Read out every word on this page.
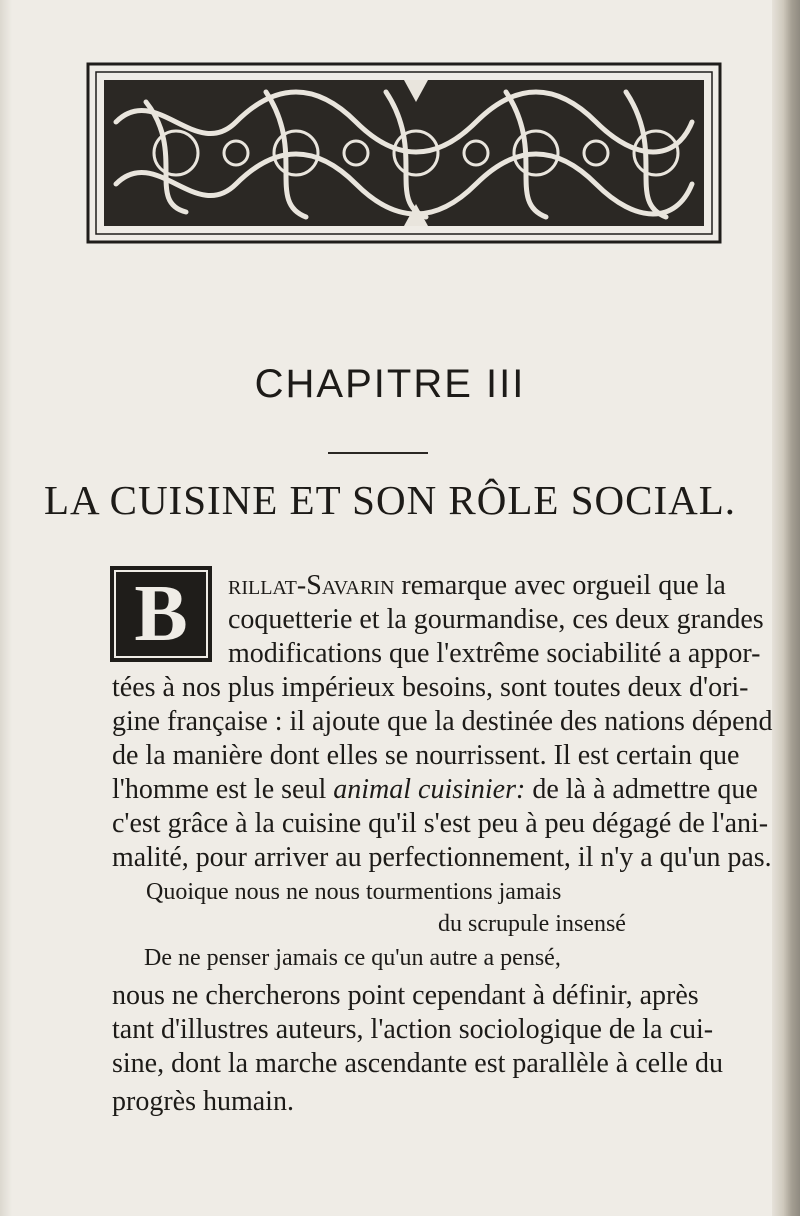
CHAPITRE III
LA CUISINE ET SON RÔLE SOCIAL.
B	rillat-Savarin remarque avec orgueil que la
coquetterie et la gourmandise, ces deux grandes
modifications que l'extrême sociabilité a appor-
tées à nos plus impérieux besoins, sont toutes deux d'ori-
gine française : il ajoute que la destinée des nations dépend
de la manière dont elles se nourrissent. Il est certain que
l'homme est le seul animal cuisinier: de là à admettre que
c'est grâce à la cuisine qu'il s'est peu à peu dégagé de l'ani-
malité, pour arriver au perfectionnement, il n'y a qu'un pas.
Quoique nous ne nous tourmentions jamais
du scrupule insensé
De ne penser jamais ce qu'un autre a pensé,
nous ne chercherons point cependant à définir, après
tant d'illustres auteurs, l'action sociologique de la cui-
sine, dont la marche ascendante est parallèle à celle du
progrès humain.
